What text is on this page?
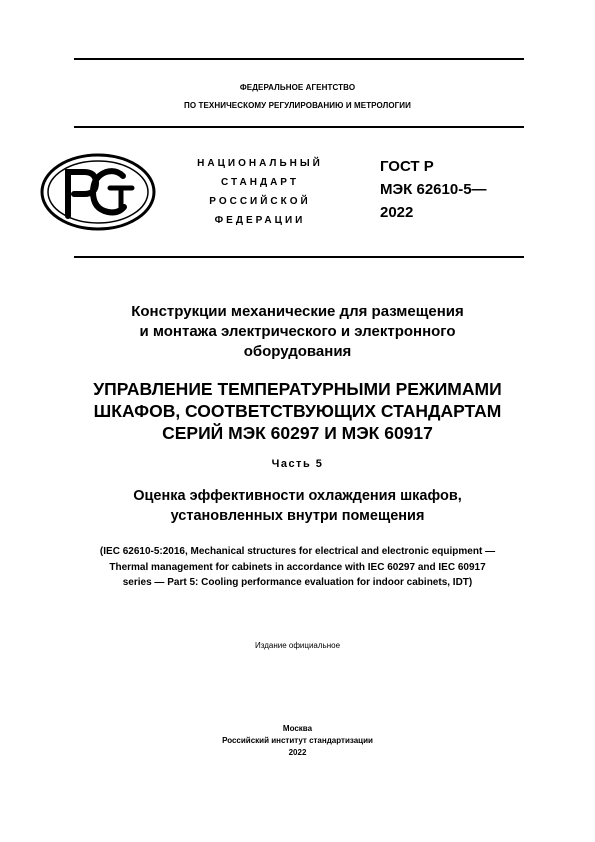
ФЕДЕРАЛЬНОЕ АГЕНТСТВО
ПО ТЕХНИЧЕСКОМУ РЕГУЛИРОВАНИЮ И МЕТРОЛОГИИ
НАЦИОНАЛЬНЫЙ
СТАНДАРТ
РОССИЙСКОЙ
ФЕДЕРАЦИИ
ГОСТ Р
МЭК 62610-5—
2022
Конструкции механические для размещения
и монтажа электрического и электронного
оборудования
УПРАВЛЕНИЕ ТЕМПЕРАТУРНЫМИ РЕЖИМАМИ
ШКАФОВ, СООТВЕТСТВУЮЩИХ СТАНДАРТАМ
СЕРИЙ МЭК 60297 И МЭК 60917
Часть 5
Оценка эффективности охлаждения шкафов,
установленных внутри помещения
(IEC 62610-5:2016, Mechanical structures for electrical and electronic equipment —
Thermal management for cabinets in accordance with IEC 60297 and IEC 60917
series — Part 5: Cooling performance evaluation for indoor cabinets, IDT)
Издание официальное
Москва
Российский институт стандартизации
2022
